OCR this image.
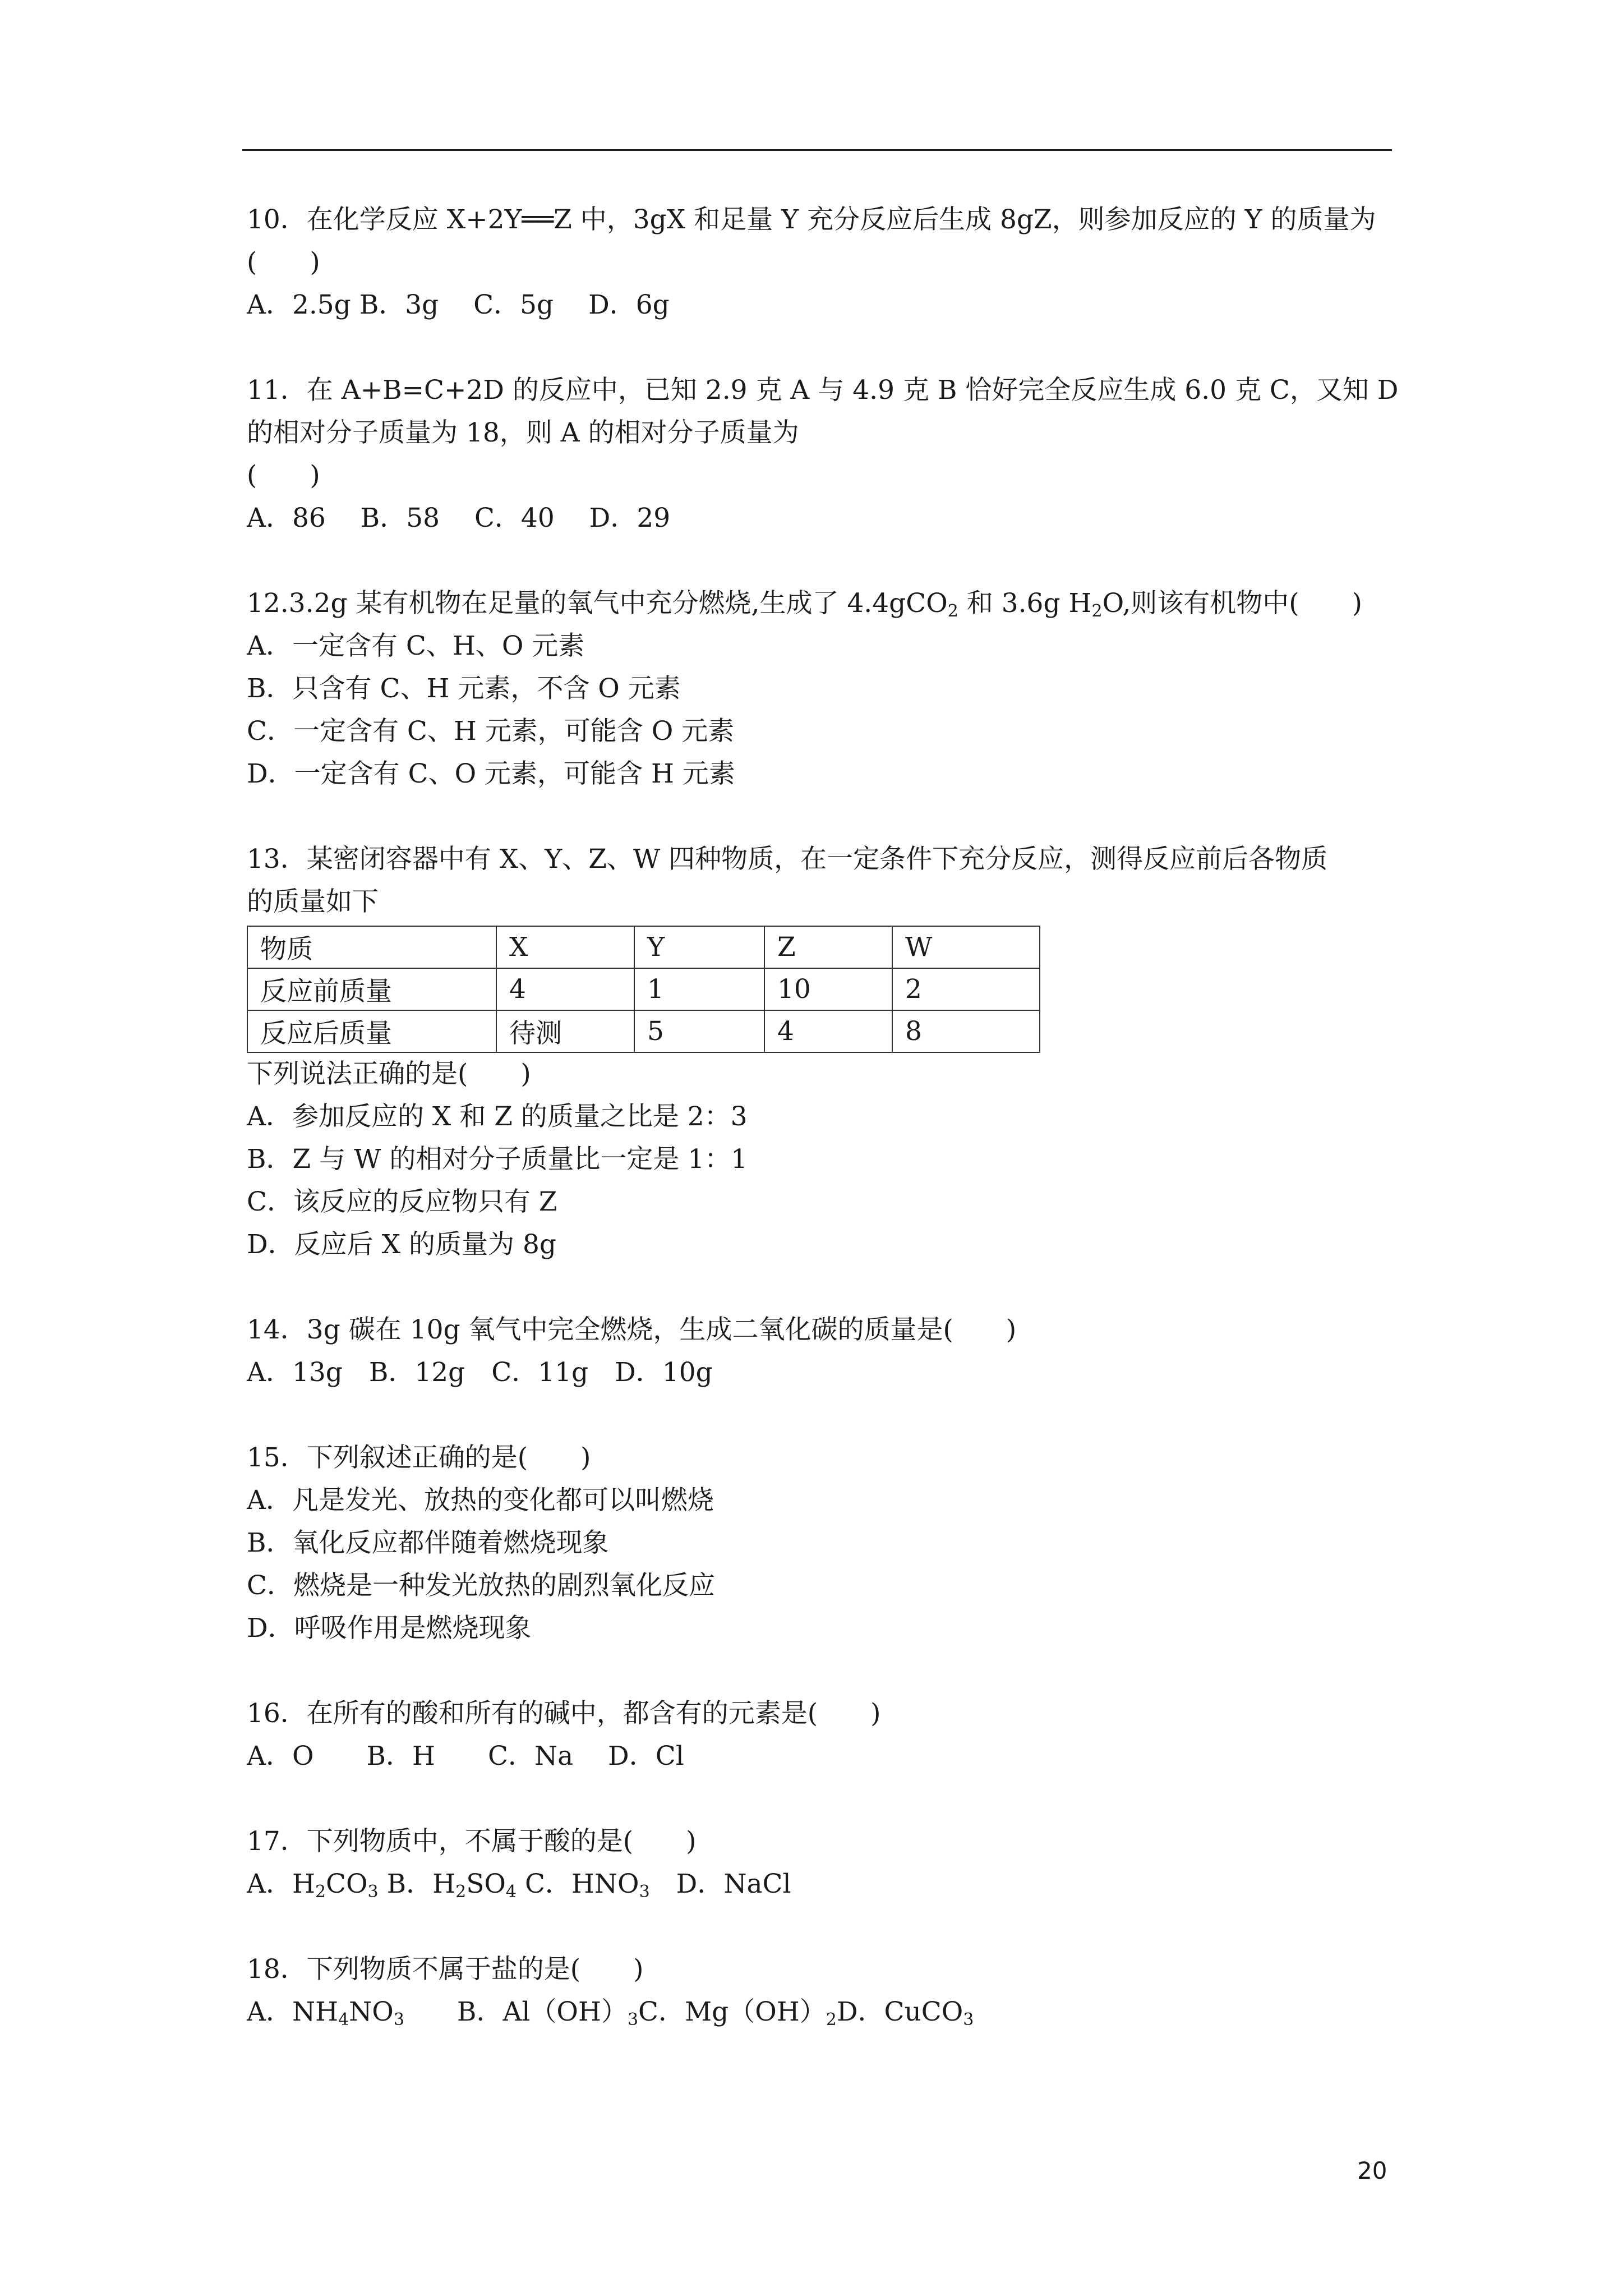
10．在化学反应 X+2Y══Z 中，3gX 和足量 Y 充分反应后生成 8gZ，则参加反应的 Y 的质量为
(　　)
A．2.5g B．3g　 C．5g　 D．6g
11．在 A+B=C+2D 的反应中，已知 2.9 克 A 与 4.9 克 B 恰好完全反应生成 6.0 克 C，又知 D
的相对分子质量为 18，则 A 的相对分子质量为
(　　)
A．86　 B．58　 C．40　 D．29
12.3.2g 某有机物在足量的氧气中充分燃烧,生成了 4.4gCO$_2$ 和 3.6g $H_2O$,则该有机物中(　　)
A．一定含有 C、H、O 元素
B．只含有 C、H 元素，不含 O 元素
C．一定含有 C、H 元素，可能含 O 元素
D．一定含有 C、O 元素，可能含 H 元素
13．某密闭容器中有 X、Y、Z、W 四种物质，在一定条件下充分反应，测得反应前后各物质
的质量如下
物质	X	Y	Z	W
反应前质量	4	1	10	2
反应后质量	待测	5	4	8
下列说法正确的是(　　)
A．参加反应的 X 和 Z 的质量之比是 2：3
B．Z 与 W 的相对分子质量比一定是 1：1
C．该反应的反应物只有 Z
D．反应后 X 的质量为 8g
14．3g 碳在 10g 氧气中完全燃烧，生成二氧化碳的质量是(　　)
A．13g　B．12g　C．11g　D．10g
15．下列叙述正确的是(　　)
A．凡是发光、放热的变化都可以叫燃烧
B．氧化反应都伴随着燃烧现象
C．燃烧是一种发光放热的剧烈氧化反应
D．呼吸作用是燃烧现象
16．在所有的酸和所有的碱中，都含有的元素是(　　)
A．O　　B．H　　C．Na　 D．Cl
17．下列物质中，不属于酸的是(　　)
A．$H_2CO_3$ B．$H_2SO_4$ C．$HNO_3$　D．NaCl
18．下列物质不属于盐的是(　　)
A．$NH_4NO_3$　　B．$Al(OH)_3C$．$Mg(OH)_2D$．CuCO$_3$
20
